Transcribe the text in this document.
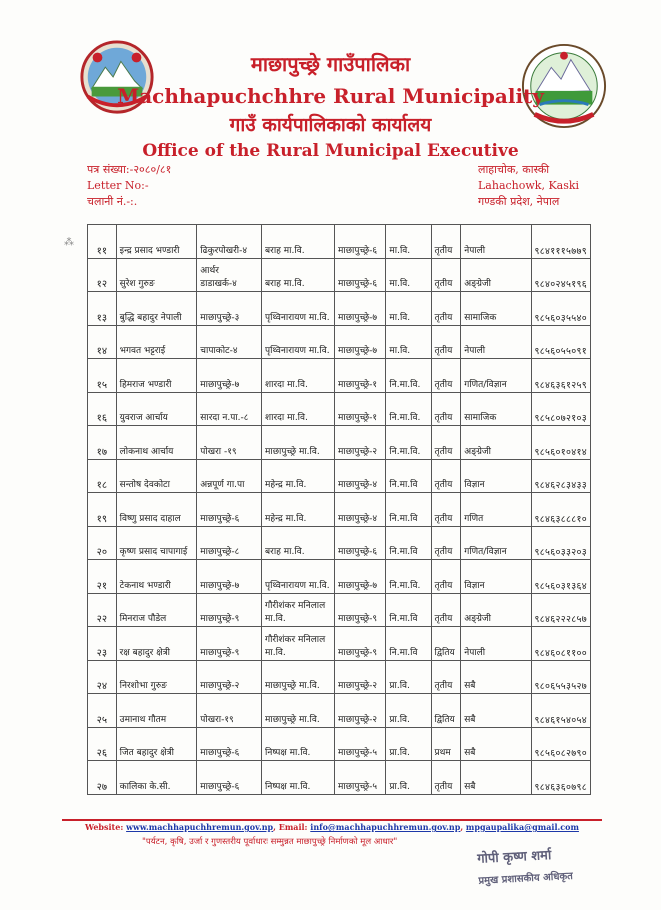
माछापुच्छ्रे गाउँपालिका
Machhapuchchhre Rural Municipality
गाउँ कार्यपालिकाको कार्यालय
Office of the Rural Municipal Executive
पत्र संख्या:-२०८०/८१
Letter No:-
चलानी नं.-:.
लाहाचोक, कास्की
Lahachowk, Kaski
गण्डकी प्रदेश, नेपाल
⁂
११	इन्द्र प्रसाद भण्डारी	ढिकुरपोखरी-४	बराह मा.वि.	माछापुच्छ्रे-६	मा.वि.	तृतीय	नेपाली	९८४१११५७७९
१२	सुरेश गुरुङ	आर्थर डाडाखर्क-४	बराह मा.वि.	माछापुच्छ्रे-६	मा.वि.	तृतीय	अङ्ग्रेजी	९८४०२४५१९६
१३	बुद्धि बहादुर नेपाली	माछापुच्छ्रे-३	पृथ्विनारायण मा.वि.	माछापुच्छ्रे-७	मा.वि.	तृतीय	सामाजिक	९८५६०३५५४०
१४	भगवत भट्टराई	चापाकोट-४	पृथ्विनारायण मा.वि.	माछापुच्छ्रे-७	मा.वि.	तृतीय	नेपाली	९८५६०५५०९१
१५	हिमराज भण्डारी	माछापुच्छ्रे-७	शारदा मा.वि.	माछापुच्छ्रे-१	नि.मा.वि.	तृतीय	गणित/विज्ञान	९८४६३६१२५९
१६	युवराज आर्चाय	सारदा न.पा.-८	शारदा मा.वि.	माछापुच्छ्रे-१	नि.मा.वि.	तृतीय	सामाजिक	९८५८०७२१०३
१७	लोकनाथ आर्चाय	पोखरा -१९	माछापुच्छ्रे मा.वि.	माछापुच्छ्रे-२	नि.मा.वि.	तृतीय	अङ्ग्रेजी	९८५६०१०४१४
१८	सन्तोष देवकोटा	अन्नपूर्ण गा.पा	महेन्द्र मा.वि.	माछापुच्छ्रे-४	नि.मा.वि	तृतीय	विज्ञान	९८४६२८३४३३
१९	विष्णु प्रसाद दाहाल	माछापुच्छ्रे-६	महेन्द्र मा.वि.	माछापुच्छ्रे-४	नि.मा.वि	तृतीय	गणित	९८४६३८८८१०
२०	कृष्ण प्रसाद चापागाई	माछापुच्छ्रे-८	बराह मा.वि.	माछापुच्छ्रे-६	नि.मा.वि	तृतीय	गणित/विज्ञान	९८५६०३३२०३
२१	टेकनाथ भण्डारी	माछापुच्छ्रे-७	पृथ्विनारायण मा.वि.	माछापुच्छ्रे-७	नि.मा.वि.	तृतीय	विज्ञान	९८५६०३१३६४
२२	मिनराज पौडेल	माछापुच्छ्रे-९	गौरीशंकर मनिलाल मा.वि.	माछापुच्छ्रे-९	नि.मा.वि	तृतीय	अङ्ग्रेजी	९८४६२२२८५७
२३	रक्ष बहादुर क्षेत्री	माछापुच्छ्रे-९	गौरीशंकर मनिलाल मा.वि.	माछापुच्छ्रे-९	नि.मा.वि	द्वितिय	नेपाली	९८४६०८११००
२४	निरशोभा गुरुङ	माछापुच्छ्रे-२	माछापुच्छ्रे मा.वि.	माछापुच्छ्रे-२	प्रा.वि.	तृतीय	सबै	९८०६५५३५२७
२५	उमानाथ गौतम	पोखरा-१९	माछापुच्छ्रे मा.वि.	माछापुच्छ्रे-२	प्रा.वि.	द्वितिय	सबै	९८४६१५४०५४
२६	जित बहादुर क्षेत्री	माछापुच्छ्रे-६	निष्पक्ष मा.वि.	माछापुच्छ्रे-५	प्रा.वि.	प्रथम	सबै	९८५६०८२७९०
२७	कालिका के.सी.	माछापुच्छ्रे-६	निष्पक्ष मा.वि.	माछापुच्छ्रे-५	प्रा.वि.	तृतीय	सबै	९८४६३६०७९८
Website: www.machhapuchhremun.gov.np, Email: info@machhapuchhremun.gov.np, mpgaupalika@gmail.com
"पर्यटन, कृषि, उर्जा र गुणस्तरीय पूर्वाधारः सम्मुन्नत माछापुच्छ्रे निर्माणको मूल आधार"
गोपी कृष्ण शर्मा
प्रमुख प्रशासकीय अधिकृत
